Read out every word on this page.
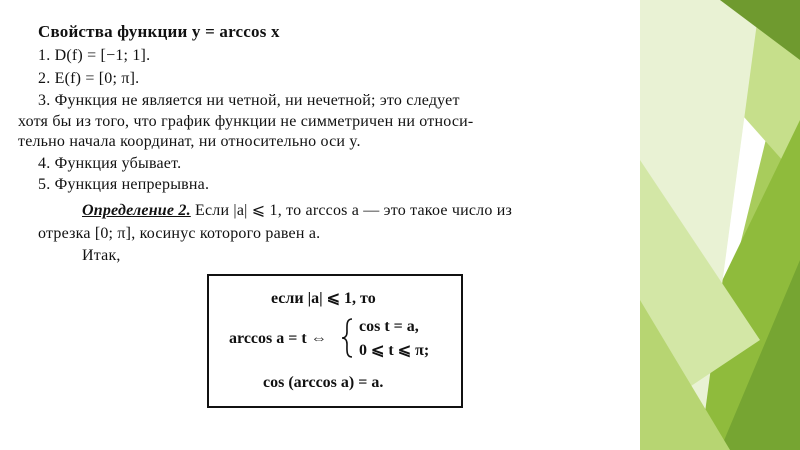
Свойства функции y = arccos x
1. D(f) = [−1; 1].
2. E(f) = [0; π].
3. Функция не является ни четной, ни нечетной; это следует
хотя бы из того, что график функции не симметричен ни относи-
тельно начала координат, ни относительно оси y.
4. Функция убывает.
5. Функция непрерывна.
Определение 2. Если |a| ⩽ 1, то arccos a — это такое число из
отрезка [0; π], косинус которого равен a.
Итак,
если |a| ⩽ 1, то
arccos a = t ⇔
cos t = a,
0 ⩽ t ⩽ π;
cos (arccos a) = a.
